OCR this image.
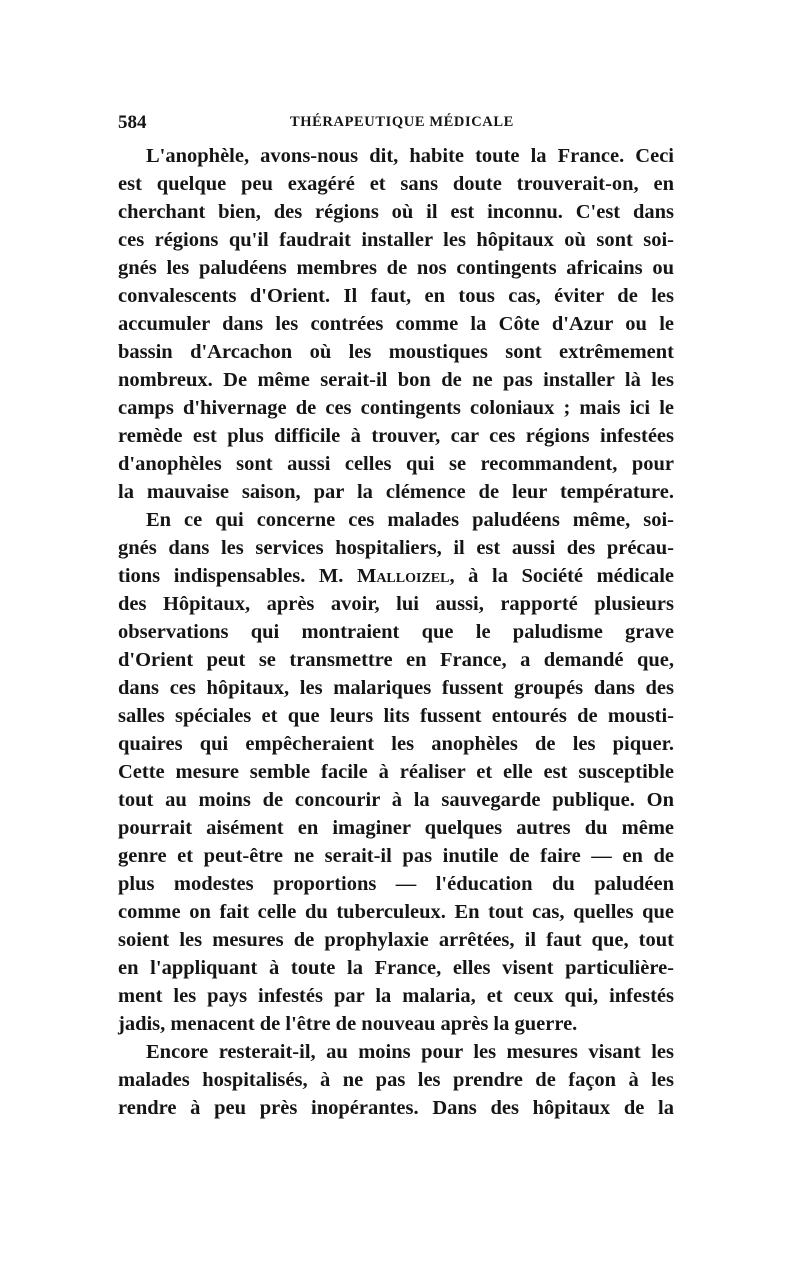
584	THÉRAPEUTIQUE MÉDICALE
L'anophèle, avons-nous dit, habite toute la France. Ceci
est quelque peu exagéré et sans doute trouverait-on, en
cherchant bien, des régions où il est inconnu. C'est dans
ces régions qu'il faudrait installer les hôpitaux où sont soi-
gnés les paludéens membres de nos contingents africains ou
convalescents d'Orient. Il faut, en tous cas, éviter de les
accumuler dans les contrées comme la Côte d'Azur ou le
bassin d'Arcachon où les moustiques sont extrêmement
nombreux. De même serait-il bon de ne pas installer là les
camps d'hivernage de ces contingents coloniaux ; mais ici le
remède est plus difficile à trouver, car ces régions infestées
d'anophèles sont aussi celles qui se recommandent, pour
la mauvaise saison, par la clémence de leur température.
En ce qui concerne ces malades paludéens même, soi-
gnés dans les services hospitaliers, il est aussi des précau-
tions indispensables. M. Malloizel, à la Société médicale
des Hôpitaux, après avoir, lui aussi, rapporté plusieurs
observations qui montraient que le paludisme grave
d'Orient peut se transmettre en France, a demandé que,
dans ces hôpitaux, les malariques fussent groupés dans des
salles spéciales et que leurs lits fussent entourés de mousti-
quaires qui empêcheraient les anophèles de les piquer.
Cette mesure semble facile à réaliser et elle est susceptible
tout au moins de concourir à la sauvegarde publique. On
pourrait aisément en imaginer quelques autres du même
genre et peut-être ne serait-il pas inutile de faire — en de
plus modestes proportions — l'éducation du paludéen
comme on fait celle du tuberculeux. En tout cas, quelles que
soient les mesures de prophylaxie arrêtées, il faut que, tout
en l'appliquant à toute la France, elles visent particulière-
ment les pays infestés par la malaria, et ceux qui, infestés
jadis, menacent de l'être de nouveau après la guerre.
Encore resterait-il, au moins pour les mesures visant les
malades hospitalisés, à ne pas les prendre de façon à les
rendre à peu près inopérantes. Dans des hôpitaux de la
